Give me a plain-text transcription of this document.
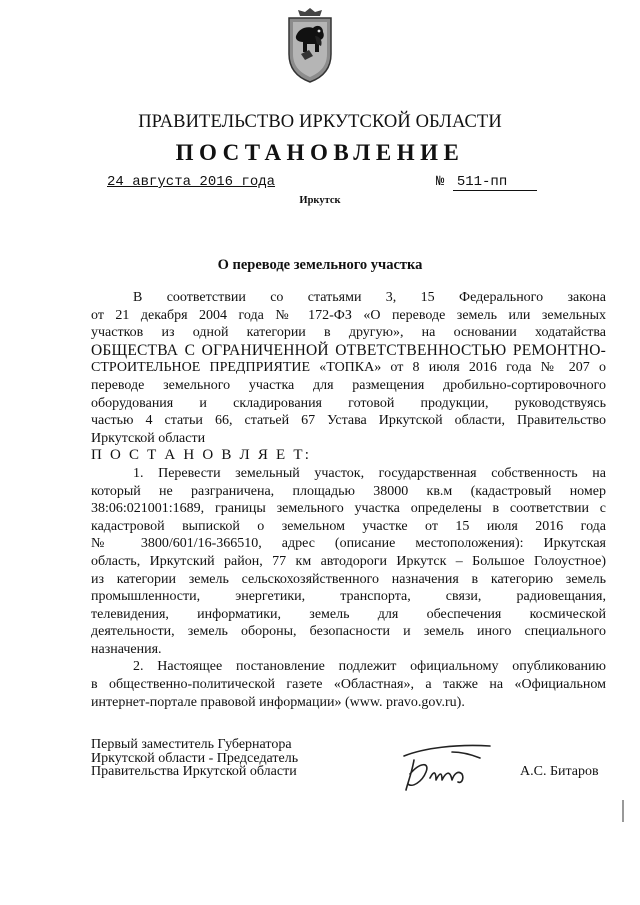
ПРАВИТЕЛЬСТВО ИРКУТСКОЙ ОБЛАСТИ
ПОСТАНОВЛЕНИЕ
24 августа 2016 года	№ 511-пп
Иркутск
О переводе земельного участка

В соответствии со статьями 3, 15 Федерального закона

от 21 декабря 2004 года № 172-ФЗ «О переводе земель или земельных

участков из одной категории в другую», на основании ходатайства

ОБЩЕСТВА С ОГРАНИЧЕННОЙ ОТВЕТСТВЕННОСТЬЮ РЕМОНТНО-

СТРОИТЕЛЬНОЕ ПРЕДПРИЯТИЕ «ТОПКА» от 8 июля 2016 года № 207 о

переводе земельного участка для размещения дробильно-сортировочного

оборудования и складирования готовой продукции, руководствуясь

частью 4 статьи 66, статьей 67 Устава Иркутской области, Правительство

Иркутской области

П О С Т А Н О В Л Я Е Т:

1. Перевести земельный участок, государственная собственность на

который не разграничена, площадью 38000 кв.м (кадастровый номер

38:06:021001:1689, границы земельного участка определены в соответствии с

кадастровой выпиской о земельном участке от 15 июля 2016 года

№ 3800/601/16-366510, адрес (описание местоположения): Иркутская

область, Иркутский район, 77 км автодороги Иркутск – Большое Голоустное)

из категории земель сельскохозяйственного назначения в категорию земель

промышленности, энергетики, транспорта, связи, радиовещания,

телевидения, информатики, земель для обеспечения космической

деятельности, земель обороны, безопасности и земель иного специального

назначения.

2. Настоящее постановление подлежит официальному опубликованию

в общественно-политической газете «Областная», а также на «Официальном

интернет-портале правовой информации» (www. pravo.gov.ru).

Первый заместитель Губернатора
Иркутской области - Председатель
Правительства Иркутской области	А.С. Битаров
